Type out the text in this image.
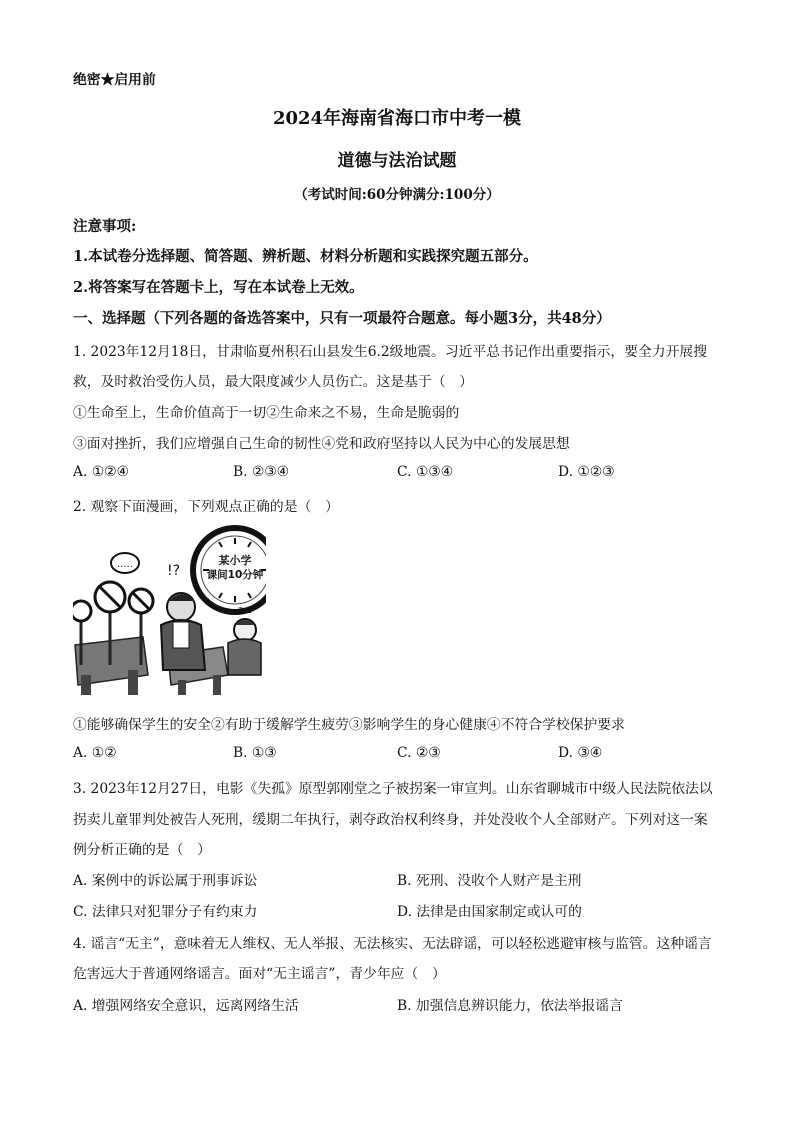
绝密★启用前
2024年海南省海口市中考一模
道德与法治试题
（考试时间:60分钟满分:100分）
注意事项:
1.本试卷分选择题、简答题、辨析题、材料分析题和实践探究题五部分。
2.将答案写在答题卡上，写在本试卷上无效。
一、选择题（下列各题的备选答案中，只有一项最符合题意。每小题3分，共48分）
1. 2023年12月18日，甘肃临夏州积石山县发生6.2级地震。习近平总书记作出重要指示，要全力开展搜
救，及时救治受伤人员，最大限度减少人员伤亡。这是基于（　）
①生命至上，生命价值高于一切②生命来之不易，生命是脆弱的
③面对挫折，我们应增强自己生命的韧性④党和政府坚持以人民为中心的发展思想
A. ①②④	B. ②③④	C. ①③④	D. ①②③
2. 观察下面漫画，下列观点正确的是（　）
..... !?
z z
某小学
课间10分钟
①能够确保学生的安全②有助于缓解学生疲劳③影响学生的身心健康④不符合学校保护要求
A. ①②	B. ①③	C. ②③	D. ③④
3. 2023年12月27日，电影《失孤》原型郭刚堂之子被拐案一审宣判。山东省聊城市中级人民法院依法以
拐卖儿童罪判处被告人死刑，缓期二年执行，剥夺政治权利终身，并处没收个人全部财产。下列对这一案
例分析正确的是（　）
A. 案例中的诉讼属于刑事诉讼	B. 死刑、没收个人财产是主刑
C. 法律只对犯罪分子有约束力	D. 法律是由国家制定或认可的
4. 谣言“无主”，意味着无人维权、无人举报、无法核实、无法辟谣，可以轻松逃避审核与监管。这种谣言
危害远大于普通网络谣言。面对“无主谣言”，青少年应（　）
A. 增强网络安全意识，远离网络生活	B. 加强信息辨识能力，依法举报谣言
